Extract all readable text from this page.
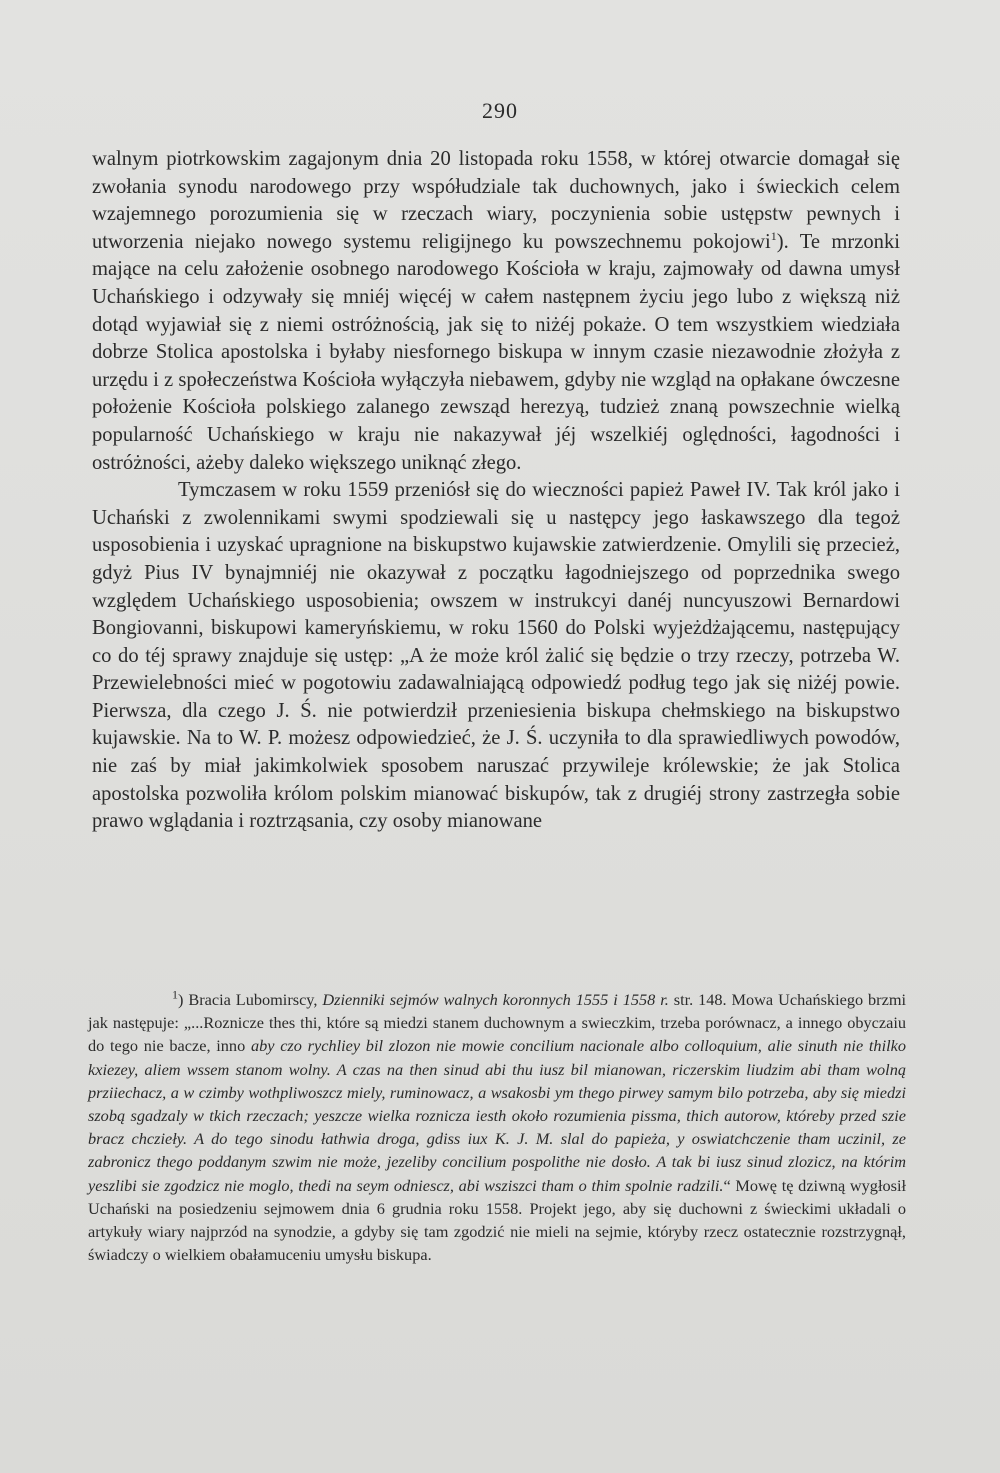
290

walnym piotrkowskim zagajonym dnia 20 listopada roku 1558, w której otwarcie domagał się zwołania synodu narodowego przy współudziale tak duchownych, jako i świeckich celem wzajemnego porozumienia się w rzeczach wiary, poczynienia sobie ustępstw pewnych i utworzenia niejako nowego systemu religijnego ku powszechnemu pokojowi$^1$). Te mrzonki mające na celu założenie osobnego narodowego Kościoła w kraju, zajmowały od dawna umysł Uchańskiego i odzywały się mniéj więcéj w całem następnem życiu jego lubo z większą niż dotąd wyjawiał się z niemi ostróżnością, jak się to niżéj pokaże. O tem wszystkiem wiedziała dobrze Stolica apostolska i byłaby niesfornego biskupa w innym czasie niezawodnie złożyła z urzędu i z społeczeństwa Kościoła wyłączyła niebawem, gdyby nie wzgląd na opłakane ówczesne położenie Kościoła polskiego zalanego zewsząd herezyą, tudzież znaną powszechnie wielką popularność Uchańskiego w kraju nie nakazywał jéj wszelkiéj oględności, łagodności i ostróżności, ażeby daleko większego uniknąć złego.

Tymczasem w roku 1559 przeniósł się do wieczności papież Paweł IV. Tak król jako i Uchański z zwolennikami swymi spodziewali się u następcy jego łaskawszego dla tegoż usposobienia i uzyskać upragnione na biskupstwo kujawskie zatwierdzenie. Omylili się przecież, gdyż Pius IV bynajmniéj nie okazywał z początku łagodniejszego od poprzednika swego względem Uchańskiego usposobienia; owszem w instrukcyi danéj nuncyuszowi Bernardowi Bongiovanni, biskupowi kameryńskiemu, w roku 1560 do Polski wyjeżdżającemu, następujący co do téj sprawy znajduje się ustęp: „A że może król żalić się będzie o trzy rzeczy, potrzeba W. Przewielebności mieć w pogotowiu zadawalniającą odpowiedź podług tego jak się niżéj powie. Pierwsza, dla czego J. Ś. nie potwierdził przeniesienia biskupa chełmskiego na biskupstwo kujawskie. Na to W. P. możesz odpowiedzieć, że J. Ś. uczyniła to dla sprawiedliwych powodów, nie zaś by miał jakimkolwiek sposobem naruszać przywileje królewskie; że jak Stolica apostolska pozwoliła królom polskim mianować biskupów, tak z drugiéj strony zastrzegła sobie prawo wglądania i roztrząsania, czy osoby mianowane

$^1$) Bracia Lubomirscy, Dzienniki sejmów walnych koronnych 1555 i 1558 r. str. 148. Mowa Uchańskiego brzmi jak następuje: „...Roznicze thes thi, które są miedzi stanem duchownym a swieczkim, trzeba porównacz, a innego obyczaiu do tego nie bacze, inno aby czo rychliey bil zlozon nie mowie concilium nacionale albo colloquium, alie sinuth nie thilko kxiezey, aliem wssem stanom wolny. A czas na then sinud abi thu iusz bil mianowan, riczerskim liudzim abi tham wolną prziiechacz, a w czimby wothpliwoszcz miely, ruminowacz, a wsakosbi ym thego pirwey samym bilo potrzeba, aby się miedzi szobą sgadzaly w tkich rzeczach; yeszcze wielka roznicza iesth około rozumienia pissma, thich autorow, którebу przed szie bracz chczieły. A do tego sinodu łathwia droga, gdiss iux K. J. M. slal do papieża, y oswiatchczenie tham uczinil, ze zabronicz thego poddanym szwim nie może, jezeliby concilium pospolithe nie dosło. A tak bi iusz sinud zlozicz, na którim yeszlibi sie zgodzicz nie moglo, thedi na seym odniescz, abi wsziszci tham o thim spolnie radzili.“ Mowę tę dziwną wygłosił Uchański na posiedzeniu sejmowem dnia 6 grudnia roku 1558. Projekt jego, aby się duchowni z świeckimi układali o artykuły wiary najprzód na synodzie, a gdyby się tam zgodzić nie mieli na sejmie, którуby rzecz ostatecznie rozstrzygnął, świadczy o wielkiem obałamuceniu umysłu biskupa.
